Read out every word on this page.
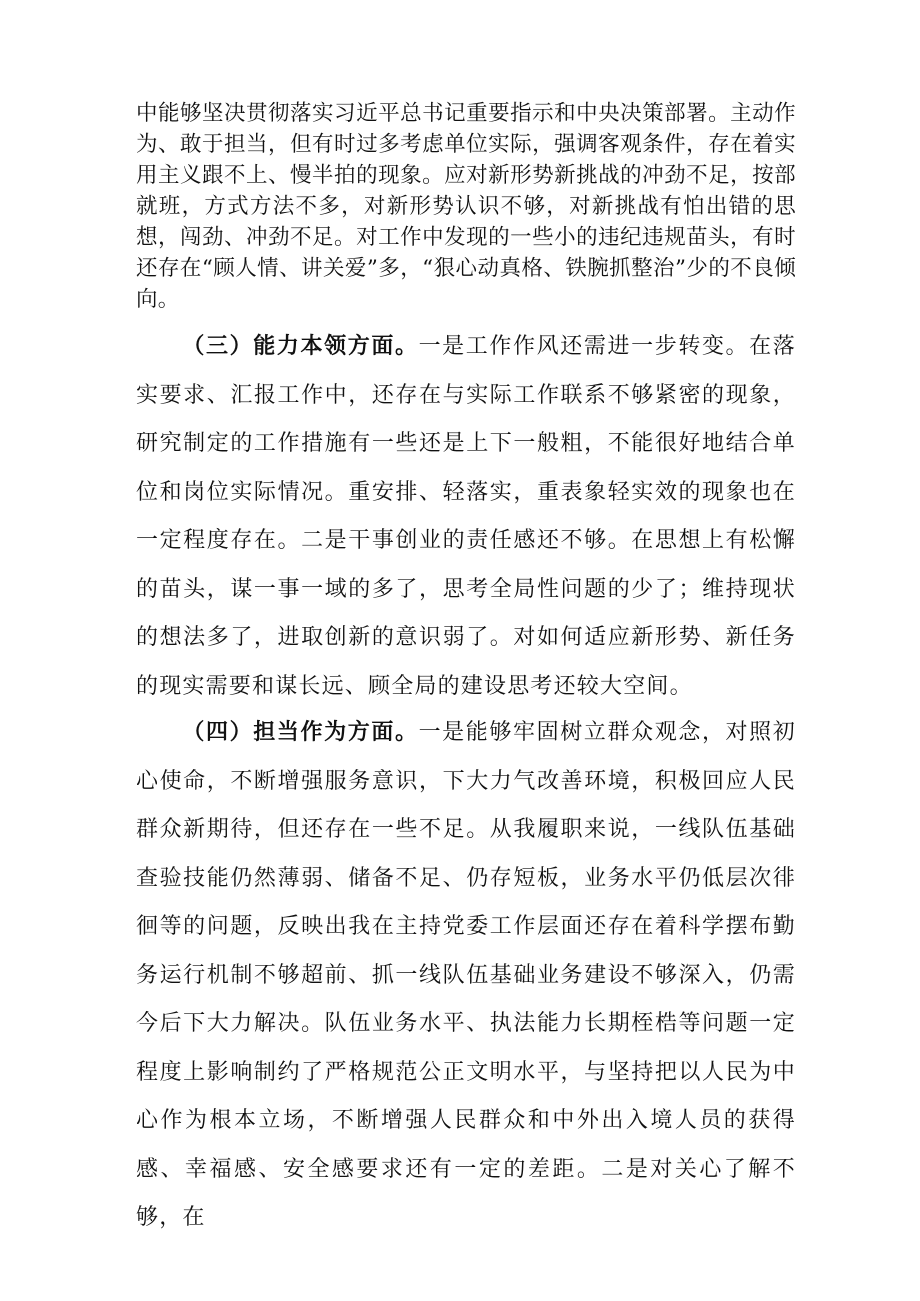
中能够坚决贯彻落实习近平总书记重要指示和中央决策部署。主动作为、敢于担当，但有时过多考虑单位实际，强调客观条件，存在着实用主义跟不上、慢半拍的现象。应对新形势新挑战的冲劲不足，按部就班，方式方法不多，对新形势认识不够，对新挑战有怕出错的思想，闯劲、冲劲不足。对工作中发现的一些小的违纪违规苗头，有时还存在“顾人情、讲关爱”多，“狠心动真格、铁腕抓整治”少的不良倾向。

（三）能力本领方面。一是工作作风还需进一步转变。在落实要求、汇报工作中，还存在与实际工作联系不够紧密的现象，研究制定的工作措施有一些还是上下一般粗，不能很好地结合单位和岗位实际情况。重安排、轻落实，重表象轻实效的现象也在一定程度存在。二是干事创业的责任感还不够。在思想上有松懈的苗头，谋一事一域的多了，思考全局性问题的少了；维持现状的想法多了，进取创新的意识弱了。对如何适应新形势、新任务的现实需要和谋长远、顾全局的建设思考还较大空间。

（四）担当作为方面。一是能够牢固树立群众观念，对照初心使命，不断增强服务意识，下大力气改善环境，积极回应人民群众新期待，但还存在一些不足。从我履职来说，一线队伍基础查验技能仍然薄弱、储备不足、仍存短板，业务水平仍低层次徘徊等的问题，反映出我在主持党委工作层面还存在着科学摆布勤务运行机制不够超前、抓一线队伍基础业务建设不够深入，仍需今后下大力解决。队伍业务水平、执法能力长期桎梏等问题一定程度上影响制约了严格规范公正文明水平，与坚持把以人民为中心作为根本立场，不断增强人民群众和中外出入境人员的获得感、幸福感、安全感要求还有一定的差距。二是对关心了解不够，在
